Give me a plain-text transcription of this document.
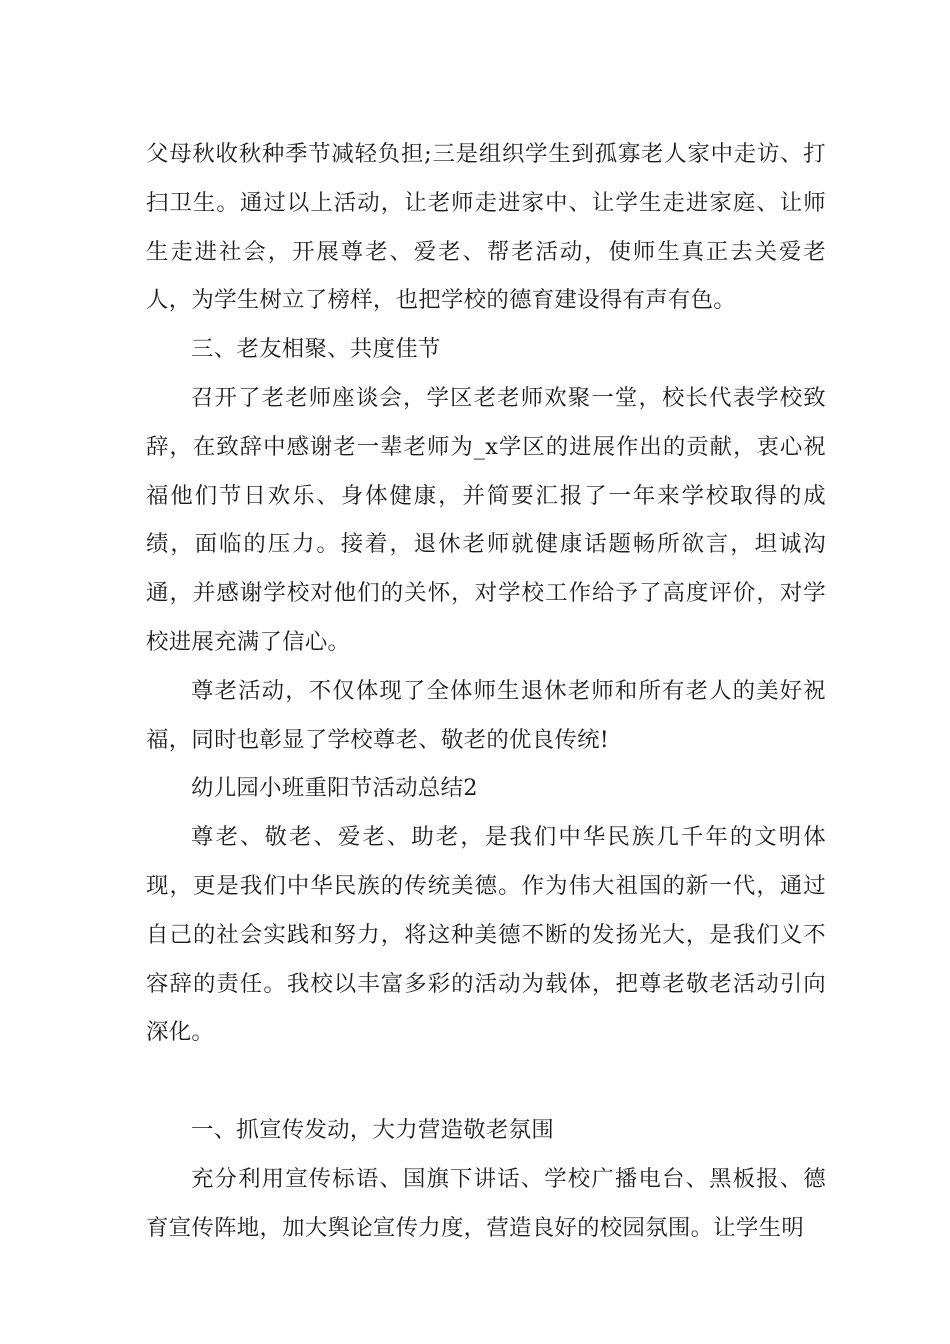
父母秋收秋种季节减轻负担;三是组织学生到孤寡老人家中走访、打扫卫生。通过以上活动，让老师走进家中、让学生走进家庭、让师生走进社会，开展尊老、爱老、帮老活动，使师生真正去关爱老人，为学生树立了榜样，也把学校的德育建设得有声有色。

三、老友相聚、共度佳节

召开了老老师座谈会，学区老老师欢聚一堂，校长代表学校致辞，在致辞中感谢老一辈老师为_x学区的进展作出的贡献，衷心祝福他们节日欢乐、身体健康，并简要汇报了一年来学校取得的成绩，面临的压力。接着，退休老师就健康话题畅所欲言，坦诚沟通，并感谢学校对他们的关怀，对学校工作给予了高度评价，对学校进展充满了信心。

尊老活动，不仅体现了全体师生退休老师和所有老人的美好祝福，同时也彰显了学校尊老、敬老的优良传统!

幼儿园小班重阳节活动总结2

尊老、敬老、爱老、助老，是我们中华民族几千年的文明体现，更是我们中华民族的传统美德。作为伟大祖国的新一代，通过自己的社会实践和努力，将这种美德不断的发扬光大，是我们义不容辞的责任。我校以丰富多彩的活动为载体，把尊老敬老活动引向深化。

一、抓宣传发动，大力营造敬老氛围

充分利用宣传标语、国旗下讲话、学校广播电台、黑板报、德育宣传阵地，加大舆论宣传力度，营造良好的校园氛围。让学生明
